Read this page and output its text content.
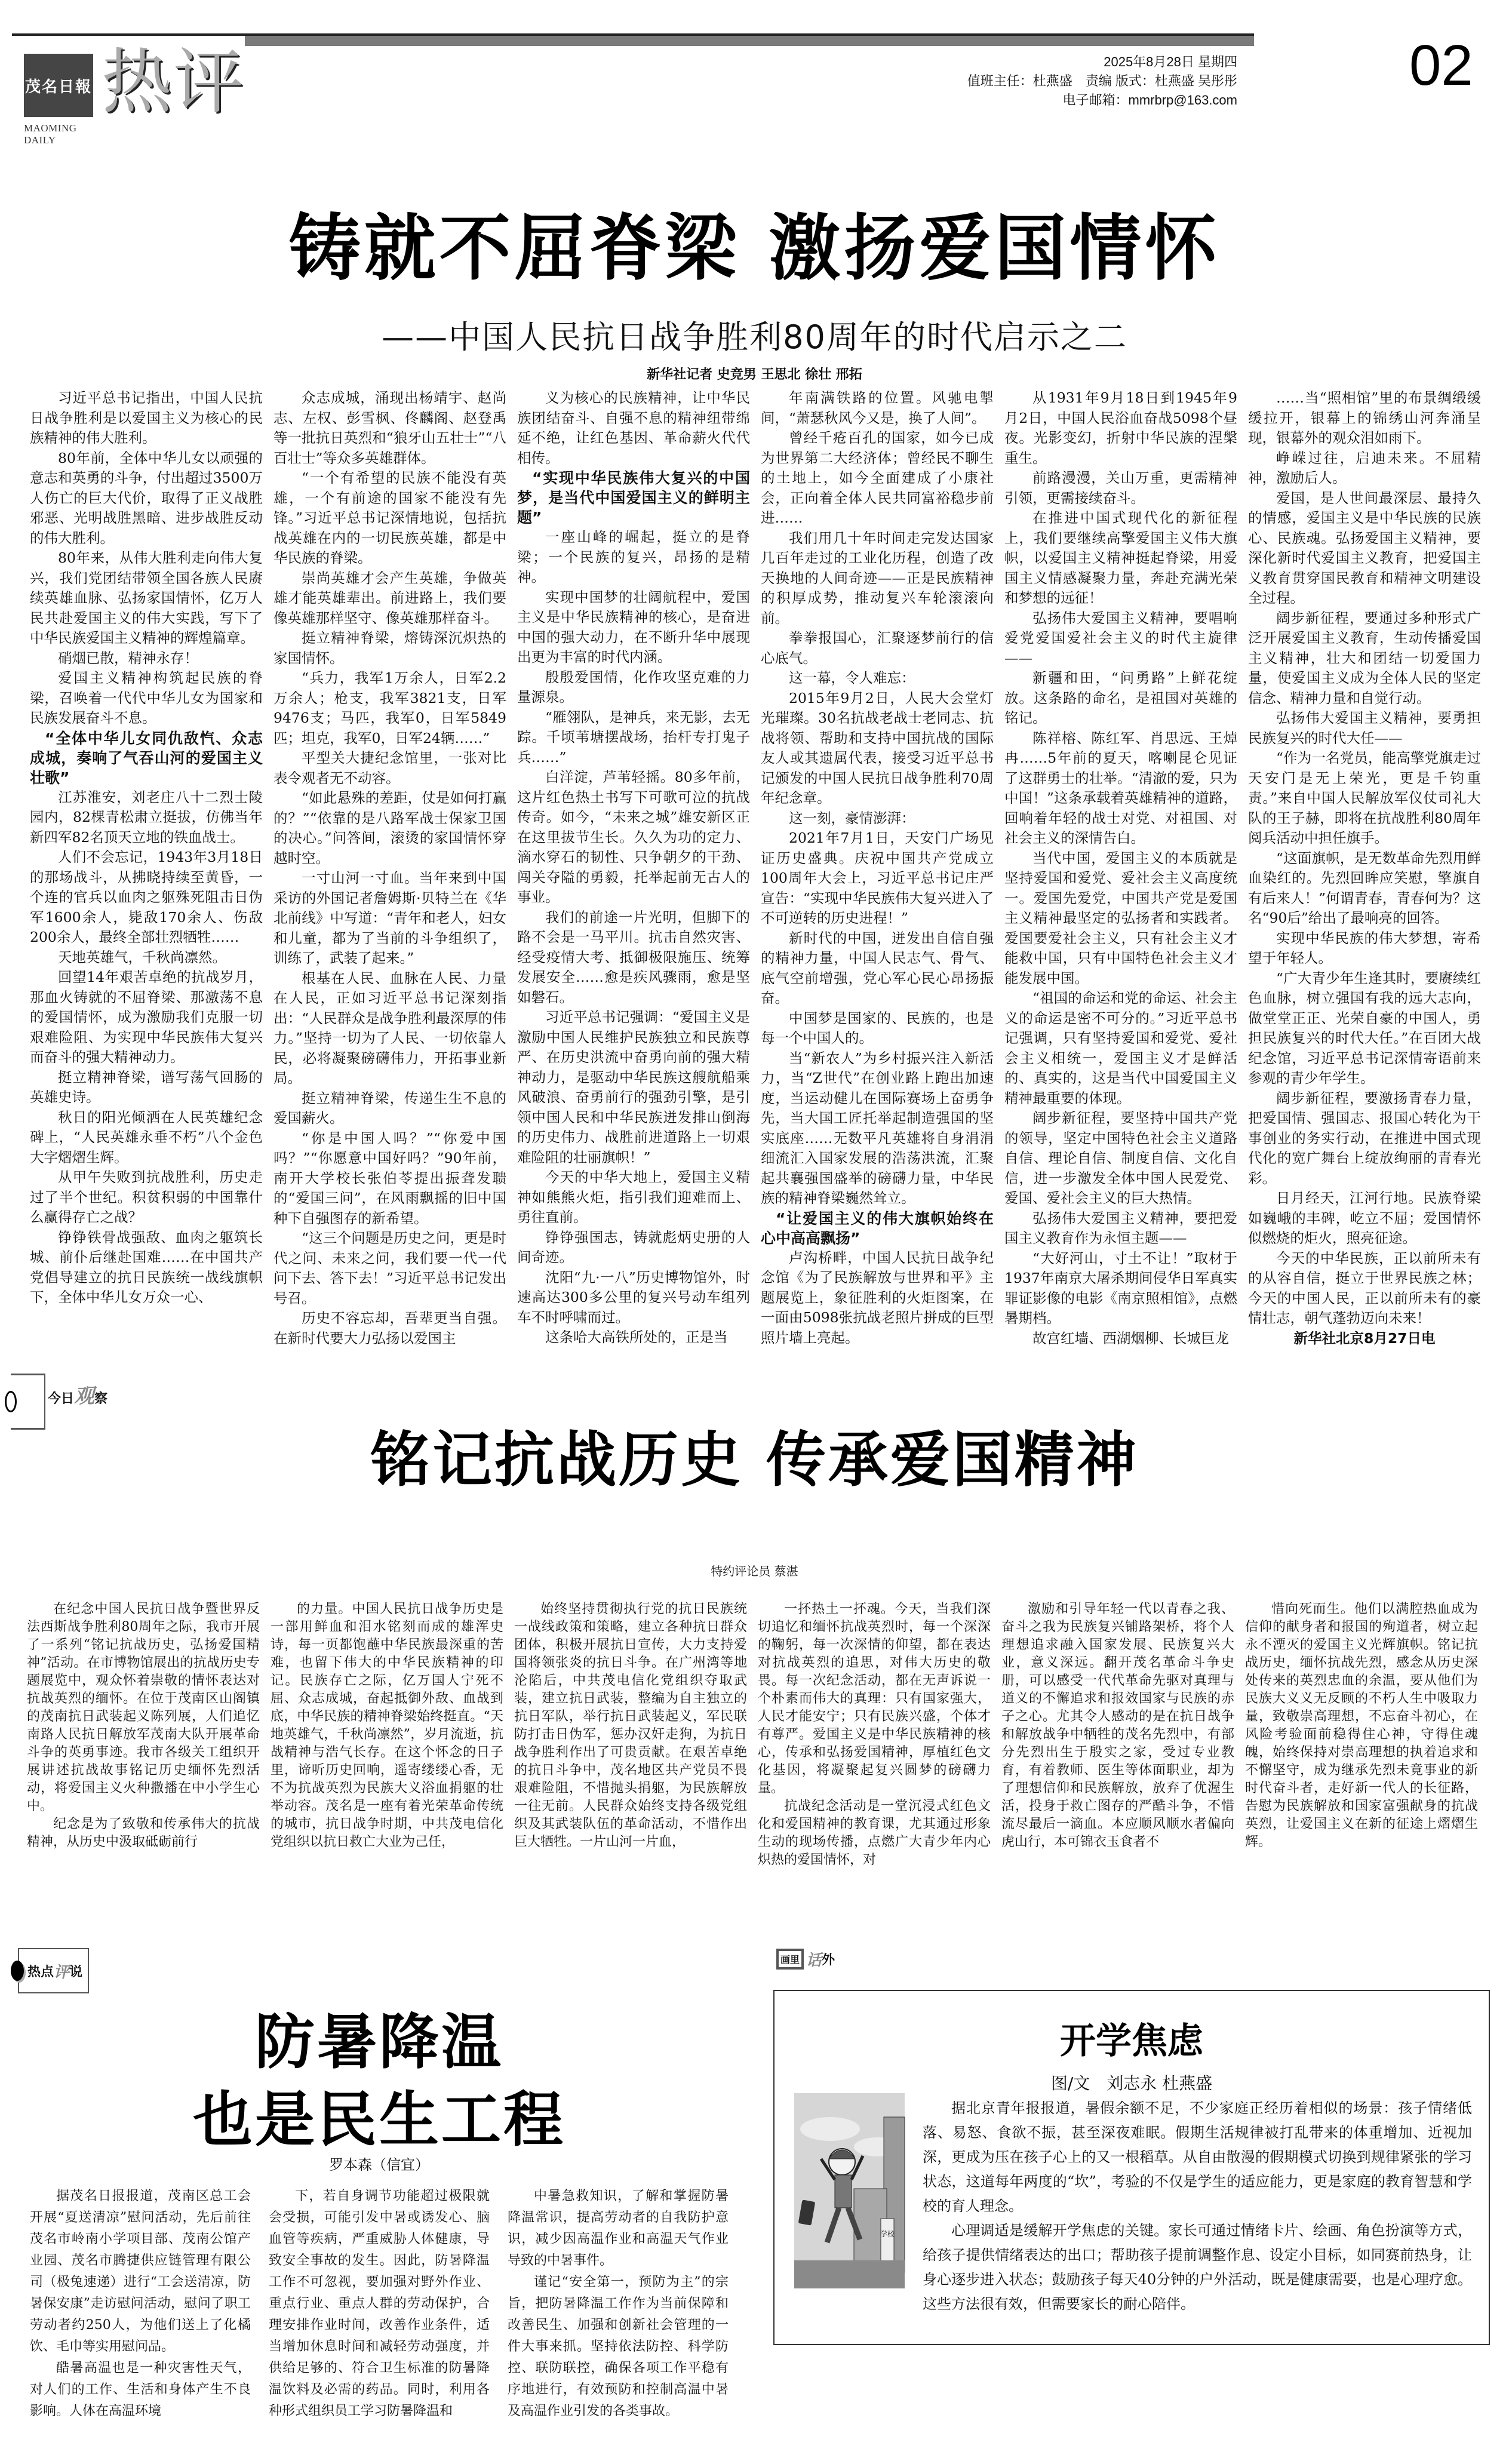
茂名日報
MAOMING DAILY
热评	2025年8月28日 星期四
值班主任：杜燕盛　责编 版式：杜燕盛 吴彤彤
电子邮箱：mmrbrp@163.com
02
铸就不屈脊梁 激扬爱国情怀
——中国人民抗日战争胜利80周年的时代启示之二
新华社记者 史竞男 王思北 徐壮 邢拓

习近平总书记指出，中国人民抗日战争胜利是以爱国主义为核心的民族精神的伟大胜利。

80年前，全体中华儿女以顽强的意志和英勇的斗争，付出超过3500万人伤亡的巨大代价，取得了正义战胜邪恶、光明战胜黑暗、进步战胜反动的伟大胜利。

80年来，从伟大胜利走向伟大复兴，我们党团结带领全国各族人民赓续英雄血脉、弘扬家国情怀，亿万人民共赴爱国主义的伟大实践，写下了中华民族爱国主义精神的辉煌篇章。

硝烟已散，精神永存！

爱国主义精神构筑起民族的脊梁，召唤着一代代中华儿女为国家和民族发展奋斗不息。

“全体中华儿女同仇敌忾、众志成城，奏响了气吞山河的爱国主义壮歌”

江苏淮安，刘老庄八十二烈士陵园内，82棵青松肃立挺拔，仿佛当年新四军82名顶天立地的铁血战士。

人们不会忘记，1943年3月18日的那场战斗，从拂晓持续至黄昏，一个连的官兵以血肉之躯殊死阻击日伪军1600余人，毙敌170余人、伤敌200余人，最终全部壮烈牺牲……

天地英雄气，千秋尚凛然。

回望14年艰苦卓绝的抗战岁月，那血火铸就的不屈脊梁、那激荡不息的爱国情怀，成为激励我们克服一切艰难险阻、为实现中华民族伟大复兴而奋斗的强大精神动力。

挺立精神脊梁，谱写荡气回肠的英雄史诗。

秋日的阳光倾洒在人民英雄纪念碑上，“人民英雄永垂不朽”八个金色大字熠熠生辉。

从甲午失败到抗战胜利，历史走过了半个世纪。积贫积弱的中国靠什么赢得存亡之战？

铮铮铁骨战强敌、血肉之躯筑长城、前仆后继赴国难……在中国共产党倡导建立的抗日民族统一战线旗帜下，全体中华儿女万众一心、

众志成城，涌现出杨靖宇、赵尚志、左权、彭雪枫、佟麟阁、赵登禹等一批抗日英烈和“狼牙山五壮士”“八百壮士”等众多英雄群体。

“一个有希望的民族不能没有英雄，一个有前途的国家不能没有先锋。”习近平总书记深情地说，包括抗战英雄在内的一切民族英雄，都是中华民族的脊梁。

崇尚英雄才会产生英雄，争做英雄才能英雄辈出。前进路上，我们要像英雄那样坚守、像英雄那样奋斗。

挺立精神脊梁，熔铸深沉炽热的家国情怀。

“兵力，我军1万余人，日军2.2万余人；枪支，我军3821支，日军9476支；马匹，我军0，日军5849匹；坦克，我军0，日军24辆……”

平型关大捷纪念馆里，一张对比表令观者无不动容。

“如此悬殊的差距，仗是如何打赢的？”“依靠的是八路军战士保家卫国的决心。”问答间，滚烫的家国情怀穿越时空。

一寸山河一寸血。当年来到中国采访的外国记者詹姆斯·贝特兰在《华北前线》中写道：“青年和老人，妇女和儿童，都为了当前的斗争组织了，训练了，武装了起来。”

根基在人民、血脉在人民、力量在人民，正如习近平总书记深刻指出：“人民群众是战争胜利最深厚的伟力。”坚持一切为了人民、一切依靠人民，必将凝聚磅礴伟力，开拓事业新局。

挺立精神脊梁，传递生生不息的爱国薪火。

“你是中国人吗？”“你爱中国吗？”“你愿意中国好吗？”90年前，南开大学校长张伯苓提出振聋发聩的“爱国三问”，在风雨飘摇的旧中国种下自强图存的新希望。

“这三个问题是历史之问，更是时代之问、未来之问，我们要一代一代问下去、答下去！”习近平总书记发出号召。

历史不容忘却，吾辈更当自强。在新时代要大力弘扬以爱国主

义为核心的民族精神，让中华民族团结奋斗、自强不息的精神纽带绵延不绝，让红色基因、革命薪火代代相传。

“实现中华民族伟大复兴的中国梦，是当代中国爱国主义的鲜明主题”

一座山峰的崛起，挺立的是脊梁；一个民族的复兴，昂扬的是精神。

实现中国梦的壮阔航程中，爱国主义是中华民族精神的核心，是奋进中国的强大动力，在不断升华中展现出更为丰富的时代内涵。

殷殷爱国情，化作攻坚克难的力量源泉。

“雁翎队，是神兵，来无影，去无踪。千顷苇塘摆战场，抬杆专打鬼子兵……”

白洋淀，芦苇轻摇。80多年前，这片红色热土书写下可歌可泣的抗战传奇。如今，“未来之城”雄安新区正在这里拔节生长。久久为功的定力、滴水穿石的韧性、只争朝夕的干劲、闯关夺隘的勇毅，托举起前无古人的事业。

我们的前途一片光明，但脚下的路不会是一马平川。抗击自然灾害、经受疫情大考、抵御极限施压、统筹发展安全……愈是疾风骤雨，愈是坚如磐石。

习近平总书记强调：“爱国主义是激励中国人民维护民族独立和民族尊严、在历史洪流中奋勇向前的强大精神动力，是驱动中华民族这艘航船乘风破浪、奋勇前行的强劲引擎，是引领中国人民和中华民族迸发排山倒海的历史伟力、战胜前进道路上一切艰难险阻的壮丽旗帜！”

今天的中华大地上，爱国主义精神如熊熊火炬，指引我们迎难而上、勇往直前。

铮铮强国志，铸就彪炳史册的人间奇迹。

沈阳“九·一八”历史博物馆外，时速高达300多公里的复兴号动车组列车不时呼啸而过。

这条哈大高铁所处的，正是当

年南满铁路的位置。风驰电掣间，“萧瑟秋风今又是，换了人间”。

曾经千疮百孔的国家，如今已成为世界第二大经济体；曾经民不聊生的土地上，如今全面建成了小康社会，正向着全体人民共同富裕稳步前进……

我们用几十年时间走完发达国家几百年走过的工业化历程，创造了改天换地的人间奇迹——正是民族精神的积厚成势，推动复兴车轮滚滚向前。

拳拳报国心，汇聚逐梦前行的信心底气。

这一幕，令人难忘：

2015年9月2日，人民大会堂灯光璀璨。30名抗战老战士老同志、抗战将领、帮助和支持中国抗战的国际友人或其遗属代表，接受习近平总书记颁发的中国人民抗日战争胜利70周年纪念章。

这一刻，豪情澎湃：

2021年7月1日，天安门广场见证历史盛典。庆祝中国共产党成立100周年大会上，习近平总书记庄严宣告：“实现中华民族伟大复兴进入了不可逆转的历史进程！”

新时代的中国，迸发出自信自强的精神力量，中国人民志气、骨气、底气空前增强，党心军心民心昂扬振奋。

中国梦是国家的、民族的，也是每一个中国人的。

当“新农人”为乡村振兴注入新活力，当“Z世代”在创业路上跑出加速度，当运动健儿在国际赛场上奋勇争先，当大国工匠托举起制造强国的坚实底座……无数平凡英雄将自身涓涓细流汇入国家发展的浩荡洪流，汇聚起共襄强国盛举的磅礴力量，中华民族的精神脊梁巍然耸立。

“让爱国主义的伟大旗帜始终在心中高高飘扬”

卢沟桥畔，中国人民抗日战争纪念馆《为了民族解放与世界和平》主题展览上，象征胜利的火炬图案，在一面由5098张抗战老照片拼成的巨型照片墙上亮起。

从1931年9月18日到1945年9月2日，中国人民浴血奋战5098个昼夜。光影变幻，折射中华民族的涅槃重生。

前路漫漫，关山万重，更需精神引领，更需接续奋斗。

在推进中国式现代化的新征程上，我们要继续高擎爱国主义伟大旗帜，以爱国主义精神挺起脊梁，用爱国主义情感凝聚力量，奔赴充满光荣和梦想的远征！

弘扬伟大爱国主义精神，要唱响爱党爱国爱社会主义的时代主旋律——

新疆和田，“问勇路”上鲜花绽放。这条路的命名，是祖国对英雄的铭记。

陈祥榕、陈红军、肖思远、王焯冉……5年前的夏天，喀喇昆仑见证了这群勇士的壮举。“清澈的爱，只为中国！”这条承载着英雄精神的道路，回响着年轻的战士对党、对祖国、对社会主义的深情告白。

当代中国，爱国主义的本质就是坚持爱国和爱党、爱社会主义高度统一。爱国先爱党，中国共产党是爱国主义精神最坚定的弘扬者和实践者。爱国要爱社会主义，只有社会主义才能救中国，只有中国特色社会主义才能发展中国。

“祖国的命运和党的命运、社会主义的命运是密不可分的。”习近平总书记强调，只有坚持爱国和爱党、爱社会主义相统一，爱国主义才是鲜活的、真实的，这是当代中国爱国主义精神最重要的体现。

阔步新征程，要坚持中国共产党的领导，坚定中国特色社会主义道路自信、理论自信、制度自信、文化自信，进一步激发全体中国人民爱党、爱国、爱社会主义的巨大热情。

弘扬伟大爱国主义精神，要把爱国主义教育作为永恒主题——

“大好河山，寸土不让！”取材于1937年南京大屠杀期间侵华日军真实罪证影像的电影《南京照相馆》，点燃暑期档。

故宫红墙、西湖烟柳、长城巨龙

……当“照相馆”里的布景绸缎缓缓拉开，银幕上的锦绣山河奔涌呈现，银幕外的观众泪如雨下。

峥嵘过往，启迪未来。不屈精神，激励后人。

爱国，是人世间最深层、最持久的情感，爱国主义是中华民族的民族心、民族魂。弘扬爱国主义精神，要深化新时代爱国主义教育，把爱国主义教育贯穿国民教育和精神文明建设全过程。

阔步新征程，要通过多种形式广泛开展爱国主义教育，生动传播爱国主义精神，壮大和团结一切爱国力量，使爱国主义成为全体人民的坚定信念、精神力量和自觉行动。

弘扬伟大爱国主义精神，要勇担民族复兴的时代大任——

“作为一名党员，能高擎党旗走过天安门是无上荣光，更是千钧重责。”来自中国人民解放军仪仗司礼大队的王子赫，即将在抗战胜利80周年阅兵活动中担任旗手。

“这面旗帜，是无数革命先烈用鲜血染红的。先烈回眸应笑慰，擎旗自有后来人！”何谓青春，青春何为？这名“90后”给出了最响亮的回答。

实现中华民族的伟大梦想，寄希望于年轻人。

“广大青少年生逢其时，要赓续红色血脉，树立强国有我的远大志向，做堂堂正正、光荣自豪的中国人，勇担民族复兴的时代大任。”在百团大战纪念馆，习近平总书记深情寄语前来参观的青少年学生。

阔步新征程，要激扬青春力量，把爱国情、强国志、报国心转化为干事创业的务实行动，在推进中国式现代化的宽广舞台上绽放绚丽的青春光彩。

日月经天，江河行地。民族脊梁如巍峨的丰碑，屹立不屈；爱国情怀似燃烧的炬火，照亮征途。

今天的中华民族，正以前所未有的从容自信，挺立于世界民族之林；今天的中国人民，正以前所未有的豪情壮志，朝气蓬勃迈向未来！

新华社北京8月27日电

今日观察
铭记抗战历史 传承爱国精神
特约评论员 蔡湛

在纪念中国人民抗日战争暨世界反法西斯战争胜利80周年之际，我市开展了一系列“铭记抗战历史，弘扬爱国精神”活动。在市博物馆展出的抗战历史专题展览中，观众怀着崇敬的情怀表达对抗战英烈的缅怀。在位于茂南区山阁镇的茂南抗日武装起义陈列展，人们追忆南路人民抗日解放军茂南大队开展革命斗争的英勇事迹。我市各级关工组织开展讲述抗战故事铭记历史缅怀先烈活动，将爱国主义火种撒播在中小学生心中。

纪念是为了致敬和传承伟大的抗战精神，从历史中汲取砥砺前行

的力量。中国人民抗日战争历史是一部用鲜血和泪水铭刻而成的雄浑史诗，每一页都饱蘸中华民族最深重的苦难，也留下伟大的中华民族精神的印记。民族存亡之际，亿万国人宁死不屈、众志成城，奋起抵御外敌、血战到底，中华民族的精神脊梁始终挺直。“天地英雄气，千秋尚凛然”，岁月流逝，抗战精神与浩气长存。在这个怀念的日子里，谛听历史回响，遥寄缕缕心香，无不为抗战英烈为民族大义浴血捐躯的壮举动容。茂名是一座有着光荣革命传统的城市，抗日战争时期，中共茂电信化党组织以抗日救亡大业为己任，

始终坚持贯彻执行党的抗日民族统一战线政策和策略，建立各种抗日群众团体，积极开展抗日宣传，大力支持爱国将领张炎的抗日斗争。在广州湾等地沦陷后，中共茂电信化党组织夺取武装，建立抗日武装，整编为自主独立的抗日军队，举行抗日武装起义，军民联防打击日伪军，惩办汉奸走狗，为抗日战争胜利作出了可贵贡献。在艰苦卓绝的抗日斗争中，茂名地区共产党员不畏艰难险阻，不惜抛头捐躯，为民族解放一往无前。人民群众始终支持各级党组织及其武装队伍的革命活动，不惜作出巨大牺牲。一片山河一片血，

一抔热土一抔魂。今天，当我们深切追忆和缅怀抗战英烈时，每一个深深的鞠躬，每一次深情的仰望，都在表达对抗战英烈的追思，对伟大历史的敬畏。每一次纪念活动，都在无声诉说一个朴素而伟大的真理：只有国家强大，人民才能安宁；只有民族兴盛，个体才有尊严。爱国主义是中华民族精神的核心，传承和弘扬爱国精神，厚植红色文化基因，将凝聚起复兴圆梦的磅礴力量。

抗战纪念活动是一堂沉浸式红色文化和爱国精神的教育课，尤其通过形象生动的现场传播，点燃广大青少年内心炽热的爱国情怀，对

激励和引导年轻一代以青春之我、奋斗之我为民族复兴铺路架桥，将个人理想追求融入国家发展、民族复兴大业，意义深远。翻开茂名革命斗争史册，可以感受一代代革命先驱对真理与道义的不懈追求和报效国家与民族的赤子之心。尤其令人感动的是在抗日战争和解放战争中牺牲的茂名先烈中，有部分先烈出生于殷实之家，受过专业教育，有着教师、医生等体面职业，却为了理想信仰和民族解放，放弃了优渥生活，投身于救亡图存的严酷斗争，不惜流尽最后一滴血。本应顺风顺水者偏向虎山行，本可锦衣玉食者不

惜向死而生。他们以满腔热血成为信仰的献身者和报国的殉道者，树立起永不湮灭的爱国主义光辉旗帜。铭记抗战历史，缅怀抗战先烈，感念从历史深处传来的英烈忠血的余温，要从他们为民族大义义无反顾的不朽人生中吸取力量，致敬崇高理想，不忘奋斗初心，在风险考验面前稳得住心神，守得住魂魄，始终保持对崇高理想的执着追求和不懈坚守，成为继承先烈未竟事业的新时代奋斗者，走好新一代人的长征路，告慰为民族解放和国家富强献身的抗战英烈，让爱国主义在新的征途上熠熠生辉。

热点 评 说
防暑降温
也是民生工程
罗本森（信宜）

据茂名日报报道，茂南区总工会开展“夏送清凉”慰问活动，先后前往茂名市岭南小学项目部、茂南公馆产业园、茂名市腾捷供应链管理有限公司（极兔速递）进行“工会送清凉，防暑保安康”走访慰问活动，慰问了职工劳动者约250人，为他们送上了化橘饮、毛巾等实用慰问品。

酷暑高温也是一种灾害性天气，对人们的工作、生活和身体产生不良影响。人体在高温环境

下，若自身调节功能超过极限就会受损，可能引发中暑或诱发心、脑血管等疾病，严重威胁人体健康，导致安全事故的发生。因此，防暑降温工作不可忽视，要加强对野外作业、重点行业、重点人群的劳动保护，合理安排作业时间，改善作业条件，适当增加休息时间和减轻劳动强度，并供给足够的、符合卫生标准的防暑降温饮料及必需的药品。同时，利用各种形式组织员工学习防暑降温和

中暑急救知识，了解和掌握防暑降温常识，提高劳动者的自我防护意识，减少因高温作业和高温天气作业导致的中暑事件。

谨记“安全第一，预防为主”的宗旨，把防暑降温工作作为当前保障和改善民生、加强和创新社会管理的一件大事来抓。坚持依法防控、科学防控、联防联控，确保各项工作平稳有序地进行，有效预防和控制高温中暑及高温作业引发的各类事故。

画里 话 外
开学焦虑
图/文　刘志永 杜燕盛
学校

据北京青年报报道，暑假余额不足，不少家庭正经历着相似的场景：孩子情绪低落、易怒、食欲不振，甚至深夜难眠。假期生活规律被打乱带来的体重增加、近视加深，更成为压在孩子心上的又一根稻草。从自由散漫的假期模式切换到规律紧张的学习状态，这道每年两度的“坎”，考验的不仅是学生的适应能力，更是家庭的教育智慧和学校的育人理念。

心理调适是缓解开学焦虑的关键。家长可通过情绪卡片、绘画、角色扮演等方式，给孩子提供情绪表达的出口；帮助孩子提前调整作息、设定小目标，如同赛前热身，让身心逐步进入状态；鼓励孩子每天40分钟的户外活动，既是健康需要，也是心理疗愈。这些方法很有效，但需要家长的耐心陪伴。
